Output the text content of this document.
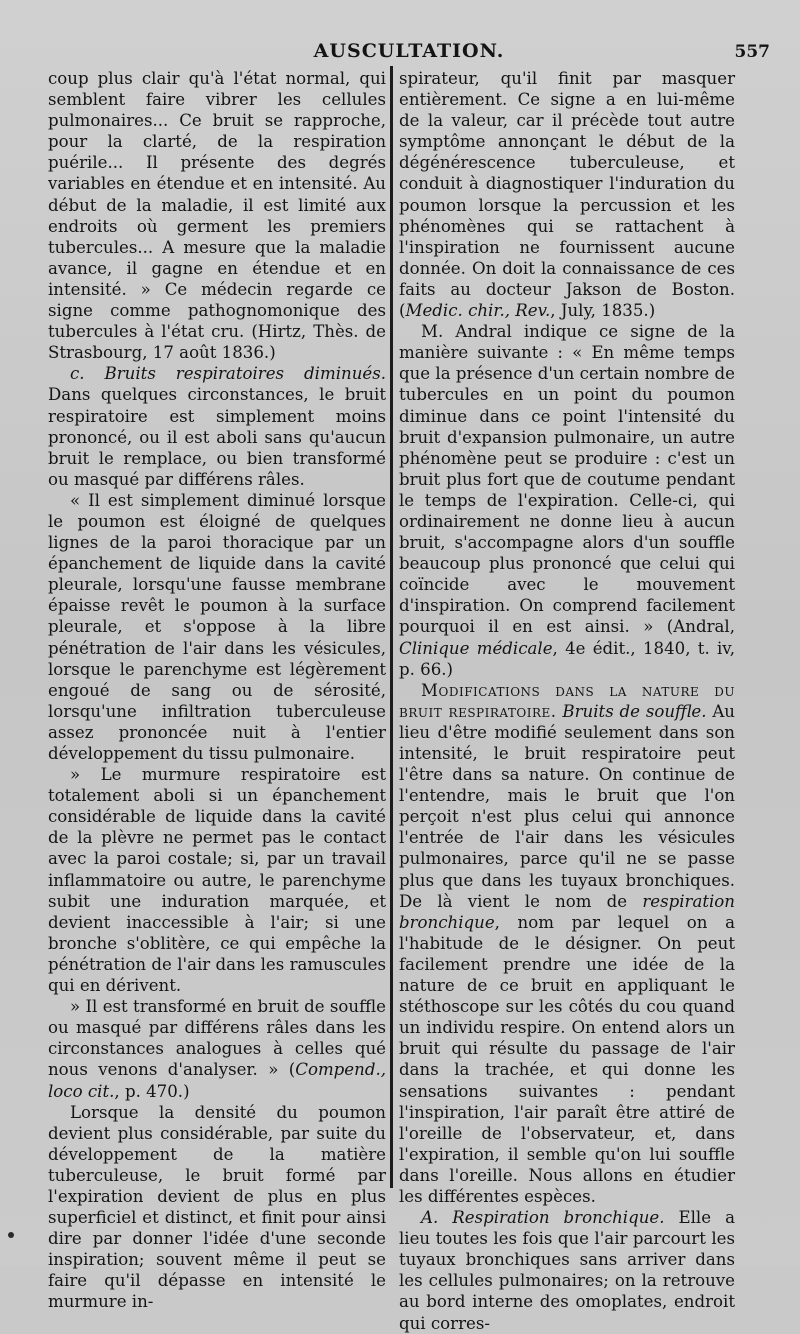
AUSCULTATION.	557

coup plus clair qu'à l'état normal, qui semblent faire vibrer les cellules pulmonaires... Ce bruit se rapproche, pour la clarté, de la respiration puérile... Il présente des degrés variables en étendue et en intensité. Au début de la maladie, il est limité aux endroits où germent les premiers tubercules... A mesure que la maladie avance, il gagne en étendue et en intensité. » Ce médecin regarde ce signe comme pathognomonique des tubercules à l'état cru. (Hirtz, Thès. de Strasbourg, 17 août 1836.)

c. Bruits respiratoires diminués. Dans quelques circonstances, le bruit respiratoire est simplement moins prononcé, ou il est aboli sans qu'aucun bruit le remplace, ou bien transformé ou masqué par différens râles.

« Il est simplement diminué lorsque le poumon est éloigné de quelques lignes de la paroi thoracique par un épanchement de liquide dans la cavité pleurale, lorsqu'une fausse membrane épaisse revêt le poumon à la surface pleurale, et s'oppose à la libre pénétration de l'air dans les vésicules, lorsque le parenchyme est légèrement engoué de sang ou de sérosité, lorsqu'une infiltration tuberculeuse assez prononcée nuit à l'entier développement du tissu pulmonaire.

» Le murmure respiratoire est totalement aboli si un épanchement considérable de liquide dans la cavité de la plèvre ne permet pas le contact avec la paroi costale; si, par un travail inflammatoire ou autre, le parenchyme subit une induration marquée, et devient inaccessible à l'air; si une bronche s'oblitère, ce qui empêche la pénétration de l'air dans les ramuscules qui en dérivent.

» Il est transformé en bruit de souffle ou masqué par différens râles dans les circonstances analogues à celles qué nous venons d'analyser. » (Compend., loco cit., p. 470.)

Lorsque la densité du poumon devient plus considérable, par suite du développement de la matière tuberculeuse, le bruit formé par l'expiration devient de plus en plus superficiel et distinct, et finit pour ainsi dire par donner l'idée d'une seconde inspiration; souvent même il peut se faire qu'il dépasse en intensité le murmure in-

spirateur, qu'il finit par masquer entièrement. Ce signe a en lui-même de la valeur, car il précède tout autre symptôme annonçant le début de la dégénérescence tuberculeuse, et conduit à diagnostiquer l'induration du poumon lorsque la percussion et les phénomènes qui se rattachent à l'inspiration ne fournissent aucune donnée. On doit la connaissance de ces faits au docteur Jakson de Boston. (Medic. chir., Rev., July, 1835.)

M. Andral indique ce signe de la manière suivante : « En même temps que la présence d'un certain nombre de tubercules en un point du poumon diminue dans ce point l'intensité du bruit d'expansion pulmonaire, un autre phénomène peut se produire : c'est un bruit plus fort que de coutume pendant le temps de l'expiration. Celle-ci, qui ordinairement ne donne lieu à aucun bruit, s'accompagne alors d'un souffle beaucoup plus prononcé que celui qui coïncide avec le mouvement d'inspiration. On comprend facilement pourquoi il en est ainsi. » (Andral, Clinique médicale, 4e édit., 1840, t. iv, p. 66.)

Modifications dans la nature du bruit respiratoire. Bruits de souffle. Au lieu d'être modifié seulement dans son intensité, le bruit respiratoire peut l'être dans sa nature. On continue de l'entendre, mais le bruit que l'on perçoit n'est plus celui qui annonce l'entrée de l'air dans les vésicules pulmonaires, parce qu'il ne se passe plus que dans les tuyaux bronchiques. De là vient le nom de respiration bronchique, nom par lequel on a l'habitude de le désigner. On peut facilement prendre une idée de la nature de ce bruit en appliquant le stéthoscope sur les côtés du cou quand un individu respire. On entend alors un bruit qui résulte du passage de l'air dans la trachée, et qui donne les sensations suivantes : pendant l'inspiration, l'air paraît être attiré de l'oreille de l'observateur, et, dans l'expiration, il semble qu'on lui souffle dans l'oreille. Nous allons en étudier les différentes espèces.

A. Respiration bronchique. Elle a lieu toutes les fois que l'air parcourt les tuyaux bronchiques sans arriver dans les cellules pulmonaires; on la retrouve au bord interne des omoplates, endroit qui corres-
